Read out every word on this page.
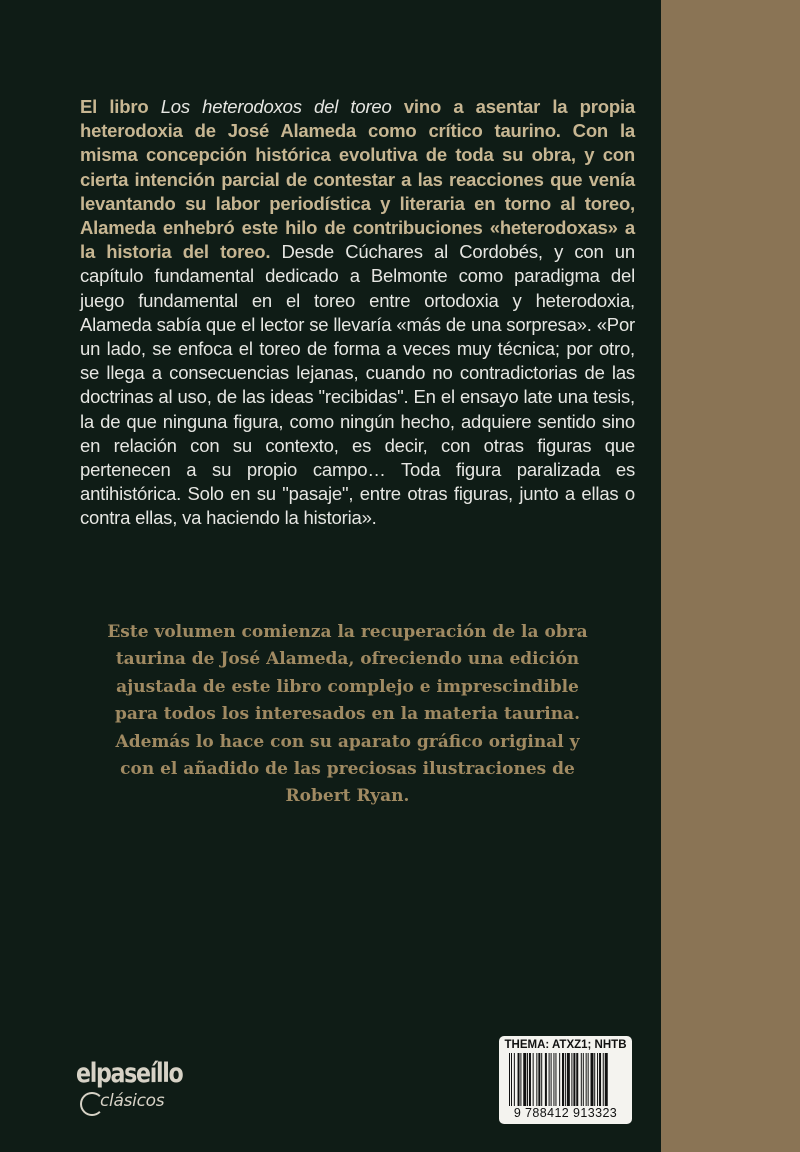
El libro Los heterodoxos del toreo vino a asentar la propia heterodoxia de José Alameda como crítico taurino. Con la misma concepción histórica evolutiva de toda su obra, y con cierta intención parcial de contestar a las reacciones que venía levantando su labor periodística y literaria en torno al toreo, Alameda enhebró este hilo de contribuciones «heterodoxas» a la historia del toreo. Desde Cúchares al Cordobés, y con un capítulo fundamental dedicado a Belmonte como paradigma del juego fundamental en el toreo entre ortodoxia y heterodoxia, Alameda sabía que el lector se llevaría «más de una sorpresa». «Por un lado, se enfoca el toreo de forma a veces muy técnica; por otro, se llega a consecuencias lejanas, cuando no contradictorias de las doctrinas al uso, de las ideas "recibidas". En el ensayo late una tesis, la de que ninguna figura, como ningún hecho, adquiere sentido sino en relación con su contexto, es decir, con otras figuras que pertenecen a su propio campo… Toda figura paralizada es antihistórica. Solo en su "pasaje", entre otras figuras, junto a ellas o contra ellas, va haciendo la historia».
Este volumen comienza la recuperación de la obra taurina de José Alameda, ofreciendo una edición ajustada de este libro complejo e imprescindible para todos los interesados en la materia taurina. Además lo hace con su aparato gráfico original y con el añadido de las preciosas ilustraciones de Robert Ryan.
elpaseíllo
clásicos
THEMA: ATXZ1; NHTB
9 788412 913323
